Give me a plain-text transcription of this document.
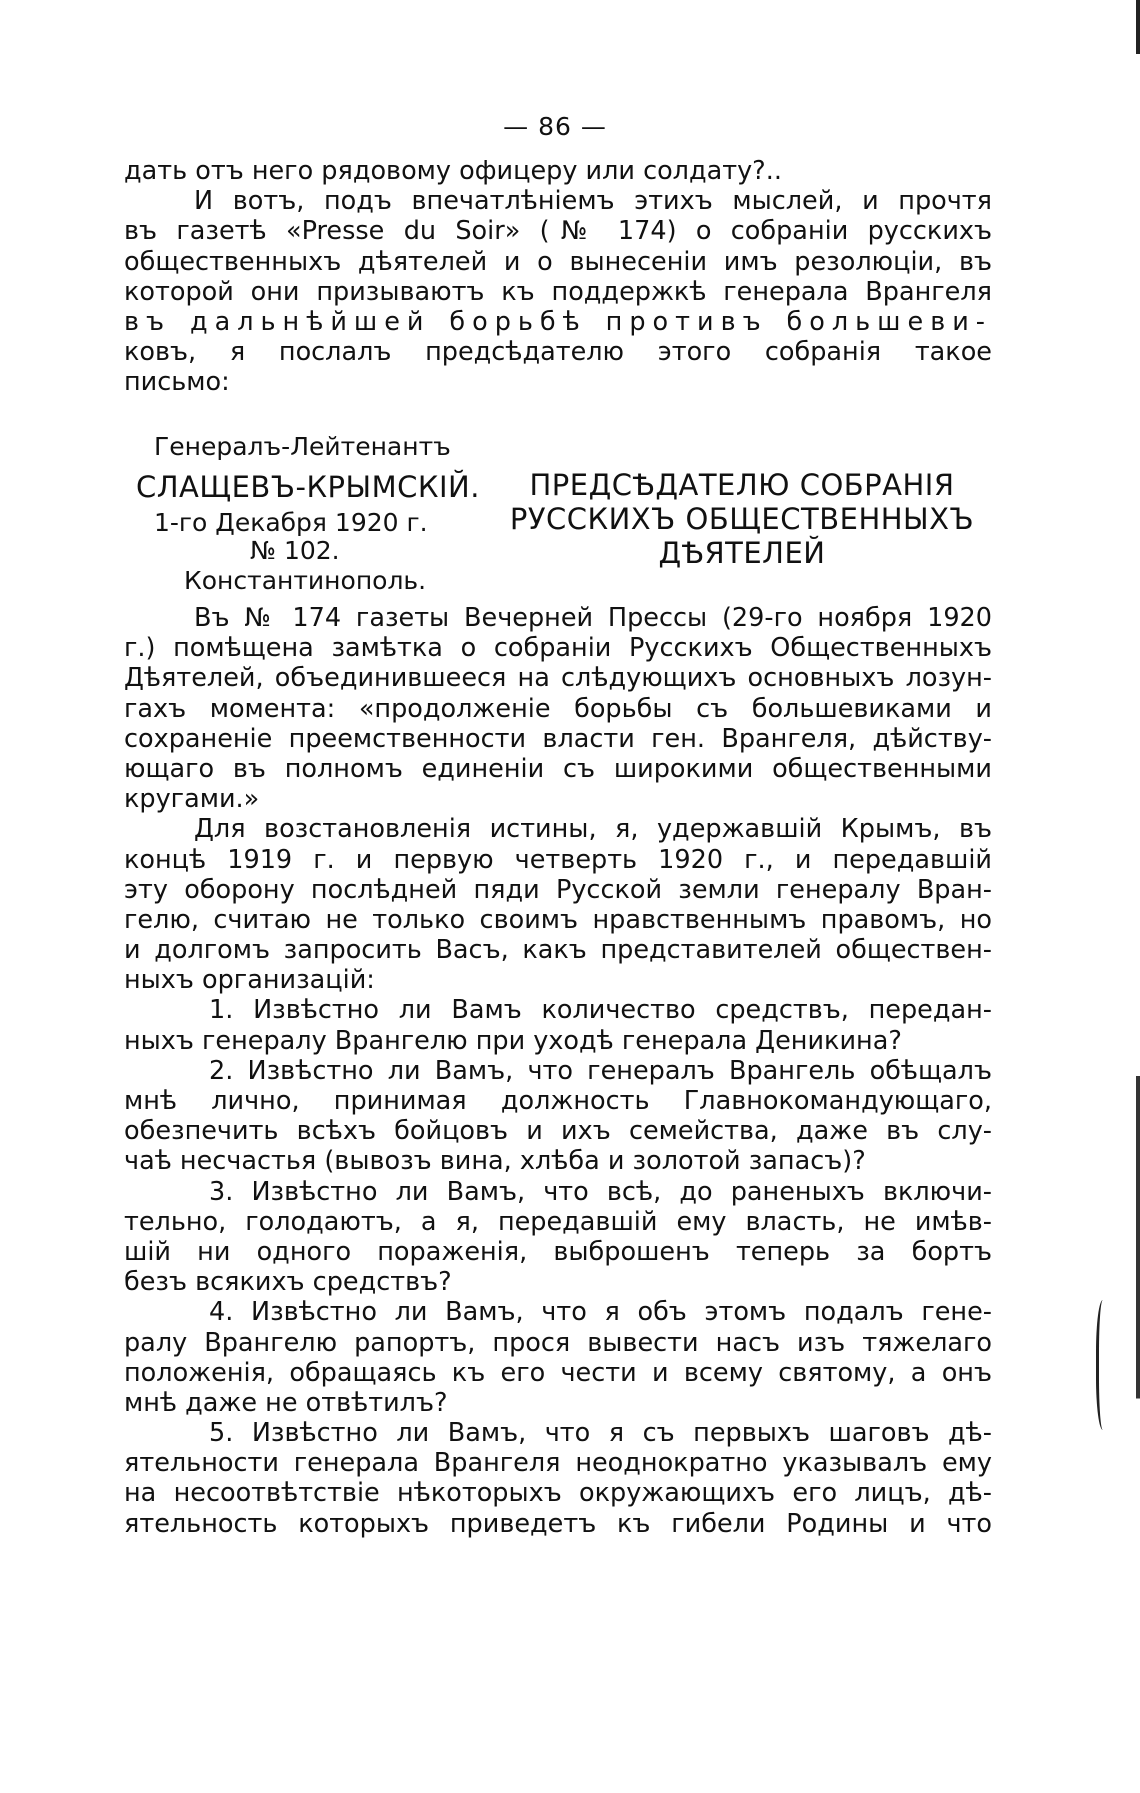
— 86 —
дать отъ него рядовому офицеру или солдату?..
И вотъ, подъ впечатлѣніемъ этихъ мыслей, и прочтя
въ газетѣ «Presse du Soir» (№ 174) о собраніи русскихъ
общественныхъ дѣятелей и о вынесеніи имъ резолюціи, въ
которой они призываютъ къ поддержкѣ генерала Врангеля
въ дальнѣйшей борьбѣ противъ большеви-
ковъ, я послалъ предсѣдателю этого собранія такое
письмо:
Генералъ-Лейтенантъ
СЛАЩЕВЪ-КРЫМСКІЙ.
1-го Декабря 1920 г.
№ 102.
Константинополь.
ПРЕДСѢДАТЕЛЮ СОБРАНІЯ
РУССКИХЪ ОБЩЕСТВЕННЫХЪ
ДѢЯТЕЛЕЙ
Въ № 174 газеты Вечерней Прессы (29-го ноября 1920
г.) помѣщена замѣтка о собраніи Русскихъ Общественныхъ
Дѣятелей, объединившееся на слѣдующихъ основныхъ лозун-
гахъ момента: «продолженіе борьбы съ большевиками и
сохраненіе преемственности власти ген. Врангеля, дѣйству-
ющаго въ полномъ единеніи съ широкими общественными
кругами.»
Для возстановленія истины, я, удержавшій Крымъ, въ
концѣ 1919 г. и первую четверть 1920 г., и передавшій
эту оборону послѣдней пяди Русской земли генералу Вран-
гелю, считаю не только своимъ нравственнымъ правомъ, но
и долгомъ запросить Васъ, какъ представителей обществен-
ныхъ организацій:
1. Извѣстно ли Вамъ количество средствъ, передан-
ныхъ генералу Врангелю при уходѣ генерала Деникина?
2. Извѣстно ли Вамъ, что генералъ Врангель обѣщалъ
мнѣ лично, принимая должность Главнокомандующаго,
обезпечить всѣхъ бойцовъ и ихъ семейства, даже въ слу-
чаѣ несчастья (вывозъ вина, хлѣба и золотой запасъ)?
3. Извѣстно ли Вамъ, что всѣ, до раненыхъ включи-
тельно, голодаютъ, а я, передавшій ему власть, не имѣв-
шій ни одного пораженія, выброшенъ теперь за бортъ
безъ всякихъ средствъ?
4. Извѣстно ли Вамъ, что я объ этомъ подалъ гене-
ралу Врангелю рапортъ, прося вывести насъ изъ тяжелаго
положенія, обращаясь къ его чести и всему святому, а онъ
мнѣ даже не отвѣтилъ?
5. Извѣстно ли Вамъ, что я съ первыхъ шаговъ дѣ-
ятельности генерала Врангеля неоднократно указывалъ ему
на несоотвѣтствіе нѣкоторыхъ окружающихъ его лицъ, дѣ-
ятельность которыхъ приведетъ къ гибели Родины и что
